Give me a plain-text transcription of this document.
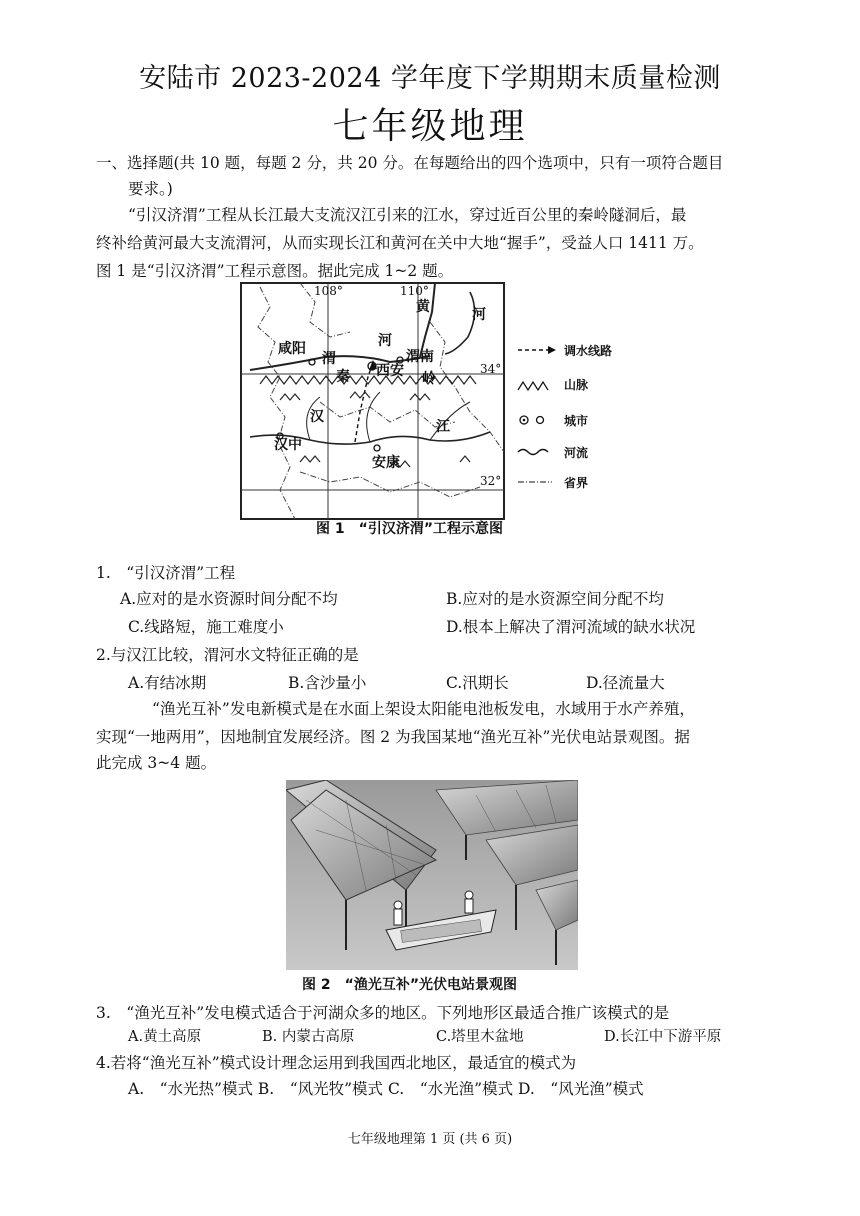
安陆市 2023-2024 学年度下学期期末质量检测
七年级地理
一、选择题(共 10 题，每题 2 分，共 20 分。在每题给出的四个选项中，只有一项符合题目
要求。)
“引汉济渭”工程从长江最大支流汉江引来的江水，穿过近百公里的秦岭隧洞后，最
终补给黄河最大支流渭河，从而实现长江和黄河在关中大地“握手”，受益人口 1411 万。
图 1 是“引汉济渭”工程示意图。据此完成 1~2 题。
108°	110°
34°
32°
黄	河
河
渭	渭南
咸阳
西安
秦	岭
汉
江
汉中
安康
调水线路
山脉
城市
河流
省界
图 1　“引汉济渭”工程示意图
1.　“引汉济渭”工程
A.应对的是水资源时间分配不均	B.应对的是水资源空间分配不均
C.线路短，施工难度小	D.根本上解决了渭河流域的缺水状况
2.与汉江比较，渭河水文特征正确的是
A.有结冰期	B.含沙量小	C.汛期长	D.径流量大
“渔光互补”发电新模式是在水面上架设太阳能电池板发电，水域用于水产养殖，
实现“一地两用”，因地制宜发展经济。图 2 为我国某地“渔光互补”光伏电站景观图。据
此完成 3~4 题。
图 2　“渔光互补”光伏电站景观图
3.　“渔光互补”发电模式适合于河湖众多的地区。下列地形区最适合推广该模式的是
A.黄土高原	B. 内蒙古高原	C.塔里木盆地	D.长江中下游平原
4.若将“渔光互补”模式设计理念运用到我国西北地区，最适宜的模式为
A.　“水光热”模式 B.　“风光牧”模式 C.　“水光渔”模式 D.　“风光渔”模式
七年级地理第 1 页 (共 6 页)
